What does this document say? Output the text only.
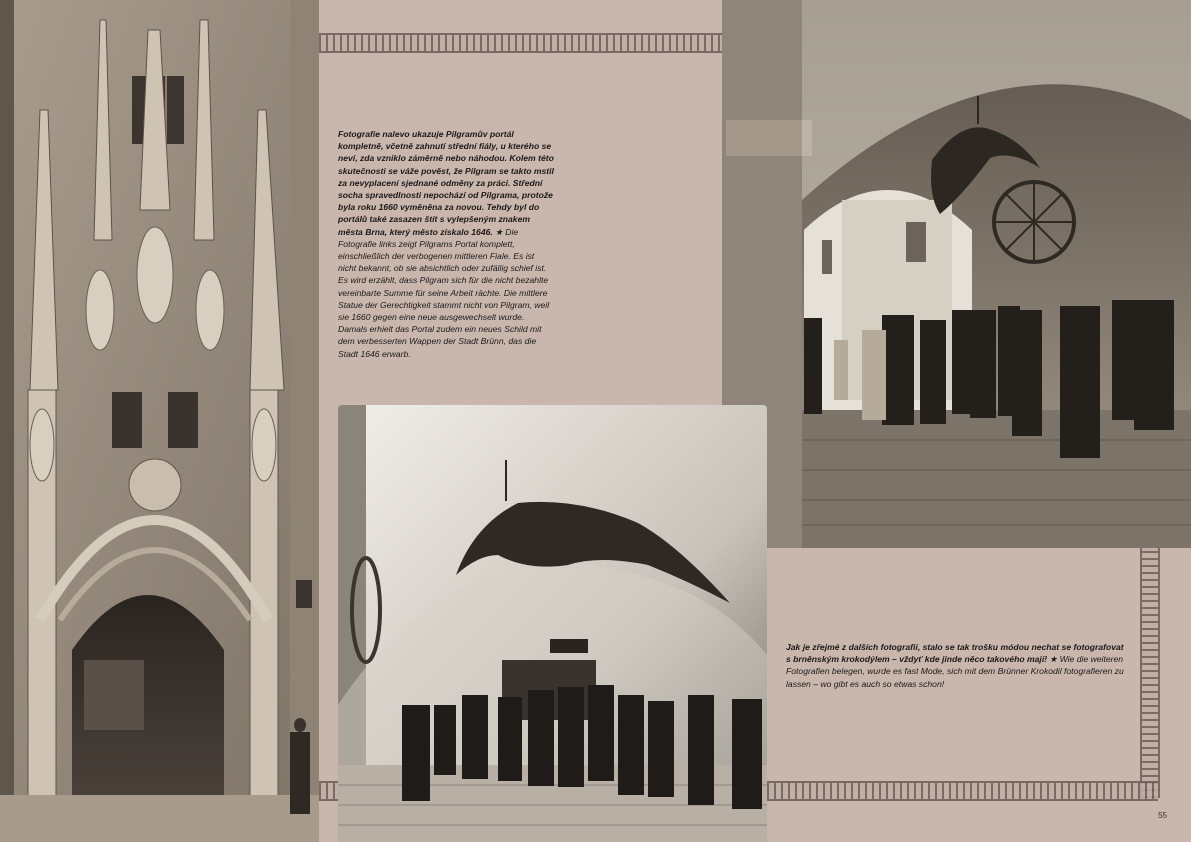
Fotografie nalevo ukazuje Pilgramův portál kompletně, včetně zahnutí střední fiály, u kterého se neví, zda vzniklo záměrně nebo náhodou. Kolem této skutečnosti se váže pověst, že Pilgram se takto mstil za nevyplacení sjednané odměny za práci. Střední socha spravedlnosti nepochází od Pilgrama, protože byla roku 1660 vyměněna za novou. Tehdy byl do portálů také zasazen štít s vylepšeným znakem města Brna, který město získalo 1646. ★ Die Fotografie links zeigt Pilgrams Portal komplett, einschließlich der verbogenen mittleren Fiale. Es ist nicht bekannt, ob sie absichtlich oder zufällig schief ist. Es wird erzählt, dass Pilgram sich für die nicht bezahlte vereinbarte Summe für seine Arbeit rächte. Die mittlere Statue der Gerechtigkeit stammt nicht von Pilgram, weil sie 1660 gegen eine neue ausgewechselt wurde. Damals erhielt das Portal zudem ein neues Schild mit dem verbesserten Wappen der Stadt Brünn, das die Stadt 1646 erwarb.
Jak je zřejmé z dalších fotografií, stalo se tak trošku módou nechat se fotografovat s brněnským krokodýlem – vždyť kde jinde něco takového mají! ★ Wie die weiteren Fotografien belegen, wurde es fast Mode, sich mit dem Brünner Krokodil fotografieren zu lassen – wo gibt es auch so etwas schon!
55
